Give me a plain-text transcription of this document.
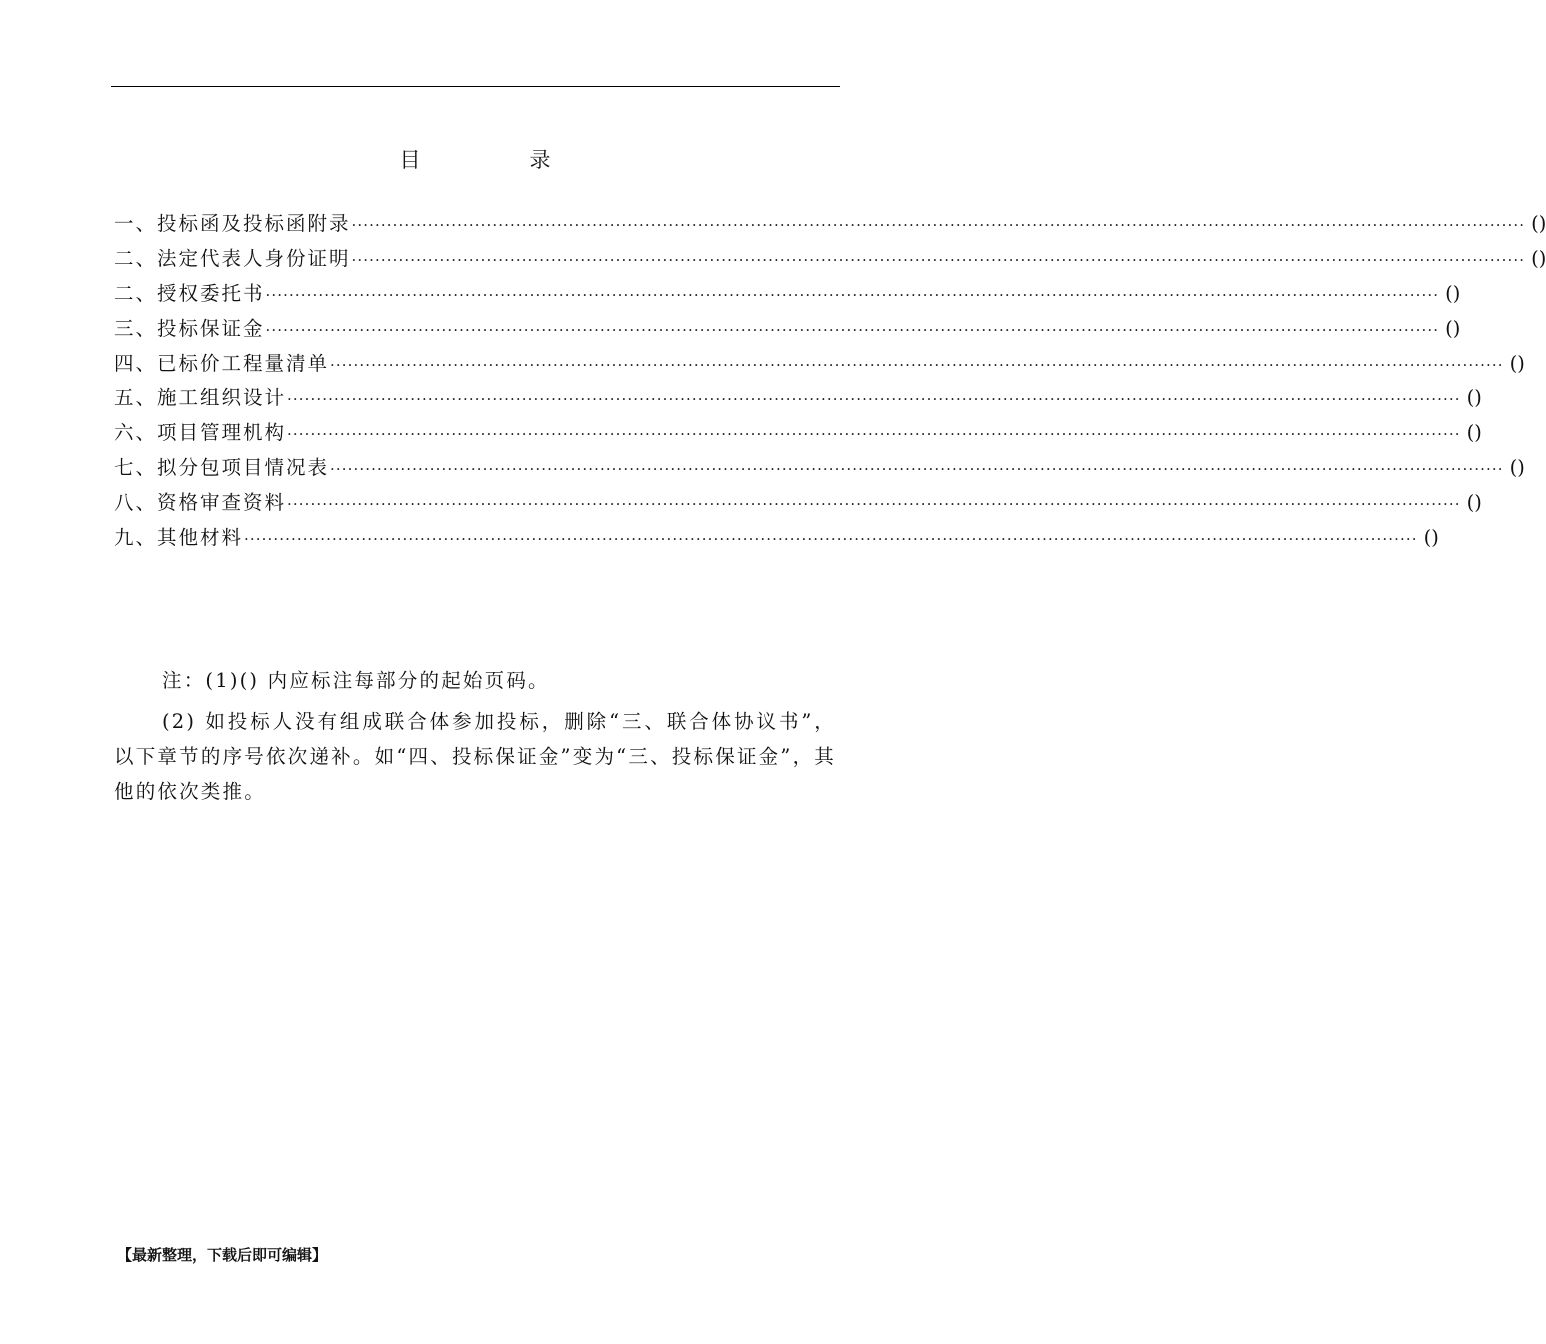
目　录
一、投标函及投标函附录 ········································································································································································································ ()
二、法定代表人身份证明 ········································································································································································································ ()
二、授权委托书 ········································································································································································································ ()
三、投标保证金 ········································································································································································································ ()
四、已标价工程量清单 ········································································································································································································ ()
五、施工组织设计 ········································································································································································································ ()
六、项目管理机构 ········································································································································································································ ()
七、拟分包项目情况表 ········································································································································································································ ()
八、资格审查资料 ········································································································································································································ ()
九、其他材料 ········································································································································································································ ()
注：(1)() 内应标注每部分的起始页码。
(2) 如投标人没有组成联合体参加投标，删除“三、联合体协议书”，以下章节的序号依次递补。如“四、投标保证金”变为“三、投标保证金”，其他的依次类推。
【最新整理，下载后即可编辑】
